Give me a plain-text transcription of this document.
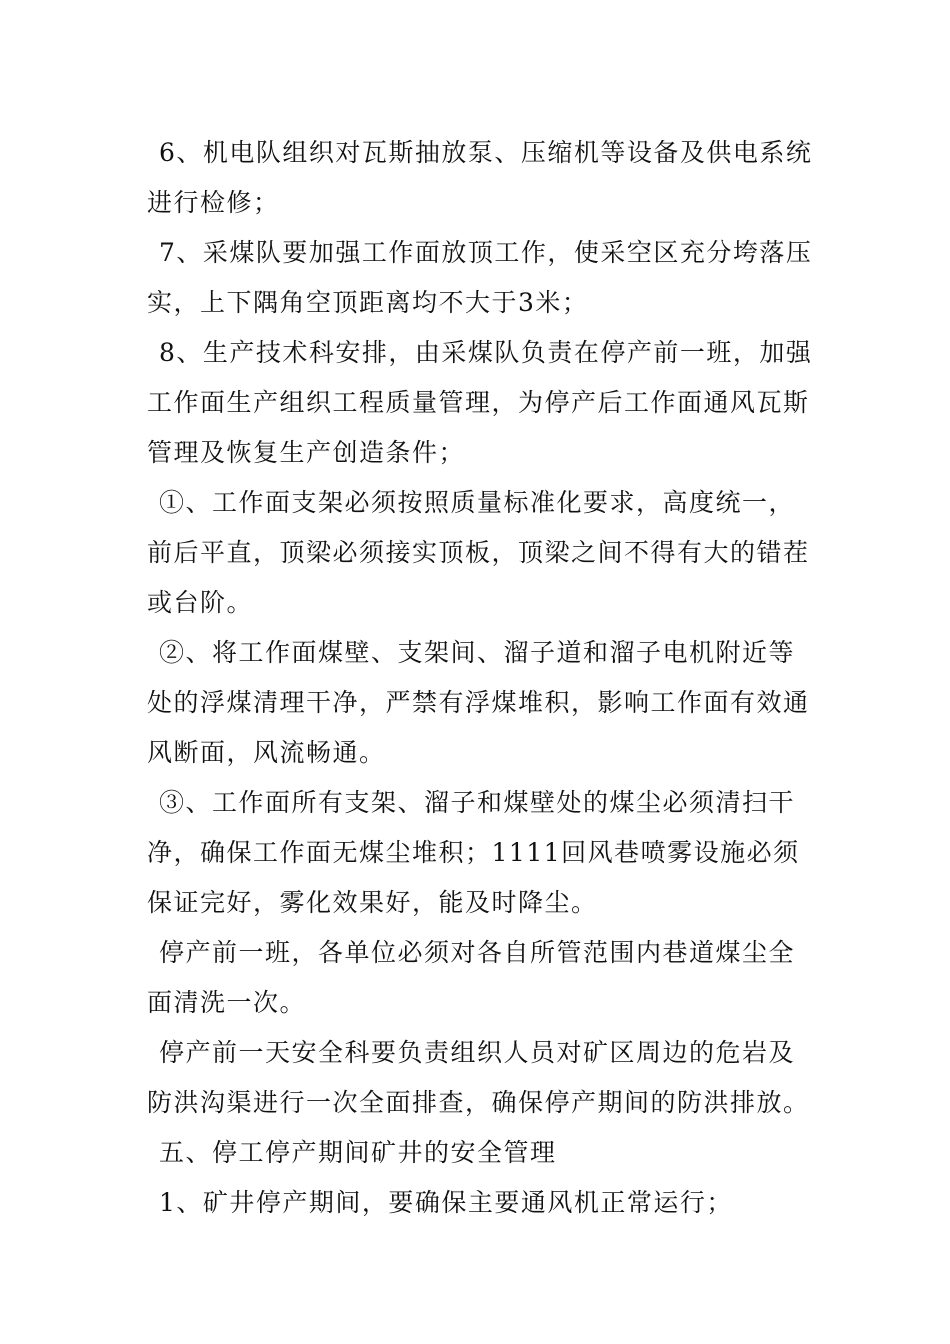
6、机电队组织对瓦斯抽放泵、压缩机等设备及供电系统进行检修；

7、采煤队要加强工作面放顶工作，使采空区充分垮落压实，上下隅角空顶距离均不大于3米；

8、生产技术科安排，由采煤队负责在停产前一班，加强工作面生产组织工程质量管理，为停产后工作面通风瓦斯管理及恢复生产创造条件；

①、工作面支架必须按照质量标准化要求，高度统一，前后平直，顶梁必须接实顶板，顶梁之间不得有大的错茬或台阶。

②、将工作面煤壁、支架间、溜子道和溜子电机附近等处的浮煤清理干净，严禁有浮煤堆积，影响工作面有效通风断面，风流畅通。

③、工作面所有支架、溜子和煤壁处的煤尘必须清扫干净，确保工作面无煤尘堆积；1111回风巷喷雾设施必须保证完好，雾化效果好，能及时降尘。

停产前一班，各单位必须对各自所管范围内巷道煤尘全面清洗一次。

停产前一天安全科要负责组织人员对矿区周边的危岩及防洪沟渠进行一次全面排查，确保停产期间的防洪排放。

五、停工停产期间矿井的安全管理

1、矿井停产期间，要确保主要通风机正常运行；
